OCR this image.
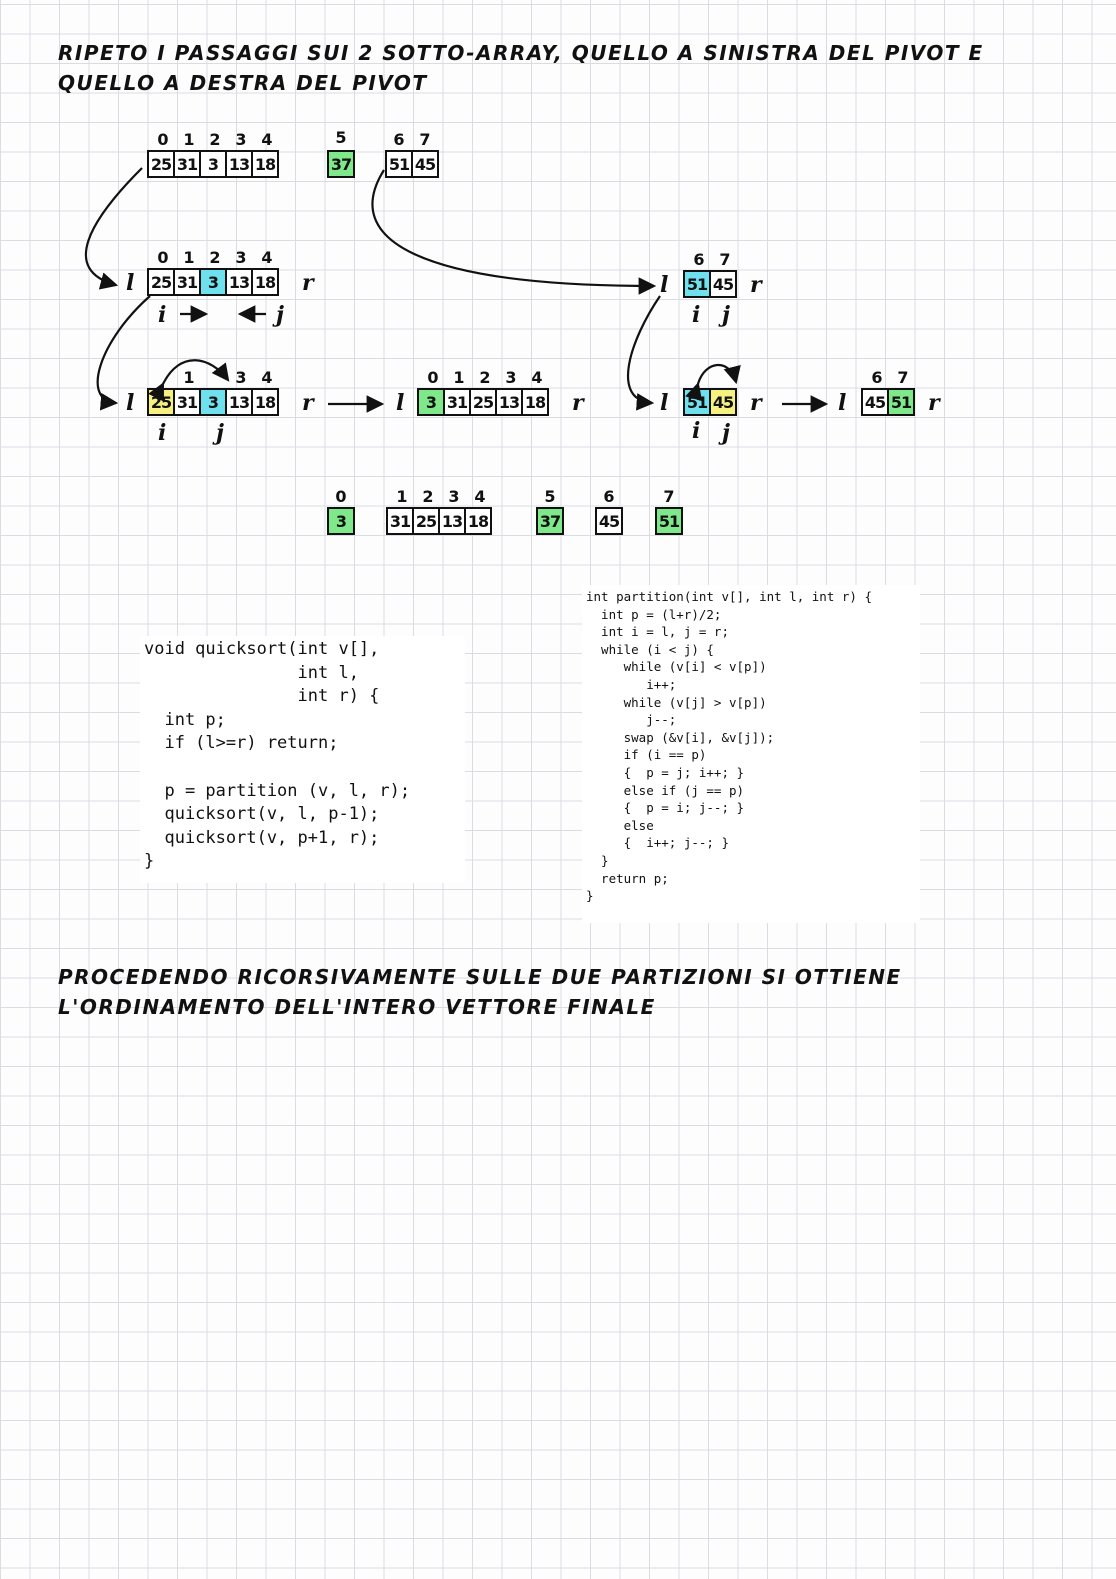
RIPETO I PASSAGGI SUI 2 SOTTO-ARRAY, QUELLO A SINISTRA DEL PIVOT E QUELLO A DESTRA DEL PIVOT
0 1 2 3 4
25 31 3 13 18
5
37
6 7
51 45
0 1 2 3 4
l 25 31 3 13 18 r
i	j
6 7
l 51 45 r
i j
1	3 4
l 25 31 3 13 18 r
i j
0 1 2 3 4
l	3 31 25 13 18 r	l 51 45 r
i j
6 7
l 45 51 r
0
3
1 2 3 4
31 25 13 18
5
37
6
45
7
51
void quicksort(int v[],
int l,
int r) {
int p;
if (l>=r) return;

p = partition (v, l, r);
quicksort(v, l, p-1);
quicksort(v, p+1, r);
}
int partition(int v[], int l, int r) {
int p = (l+r)/2;
int i = l, j = r;
while (i < j) {
while (v[i] < v[p])
i++;
while (v[j] > v[p])
j--;
swap (&v[i], &v[j]);
if (i == p)
{  p = j; i++; }
else if (j == p)
{  p = i; j--; }
else
{  i++; j--; }
}
return p;
}
PROCEDENDO RICORSIVAMENTE SULLE DUE PARTIZIONI SI OTTIENE L'ORDINAMENTO DELL'INTERO VETTORE FINALE
